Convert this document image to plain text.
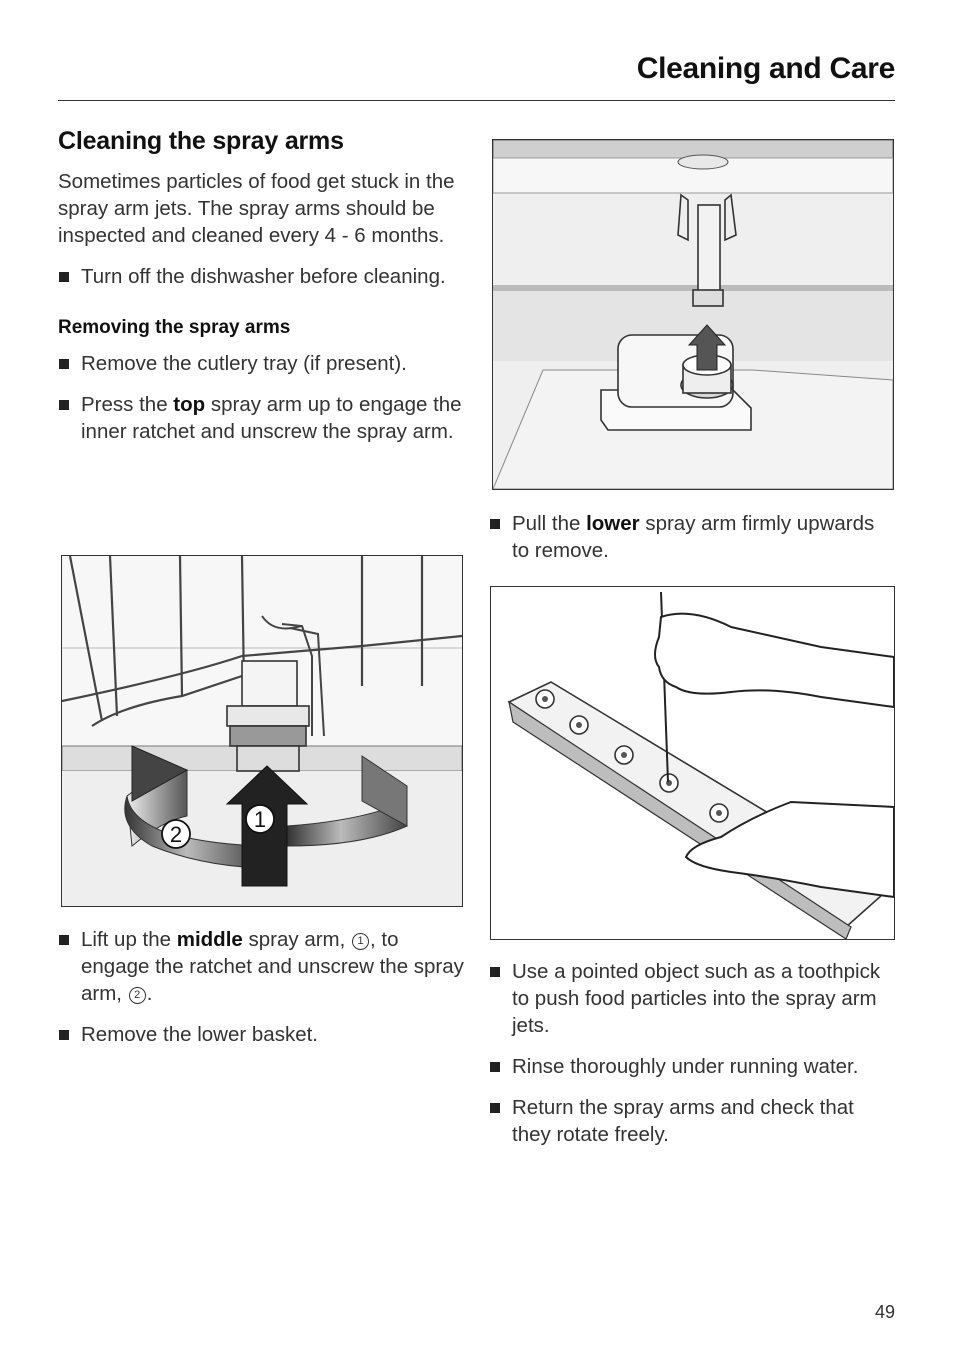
Cleaning and Care
Cleaning the spray arms

Sometimes particles of food get stuck in the spray arm jets. The spray arms should be inspected and cleaned every 4 - 6 months.

Turn off the dishwasher before cleaning.
Removing the spray arms
Remove the cutlery tray (if present).
Press the top spray arm up to engage the inner ratchet and unscrew the spray arm.
1
2
Lift up the middle spray arm, 1 , to engage the ratchet and unscrew the spray arm, 2 .
Remove the lower basket.
Pull the lower spray arm firmly upwards to remove.
Use a pointed object such as a toothpick to push food particles into the spray arm jets.
Rinse thoroughly under running water.
Return the spray arms and check that they rotate freely.
49
